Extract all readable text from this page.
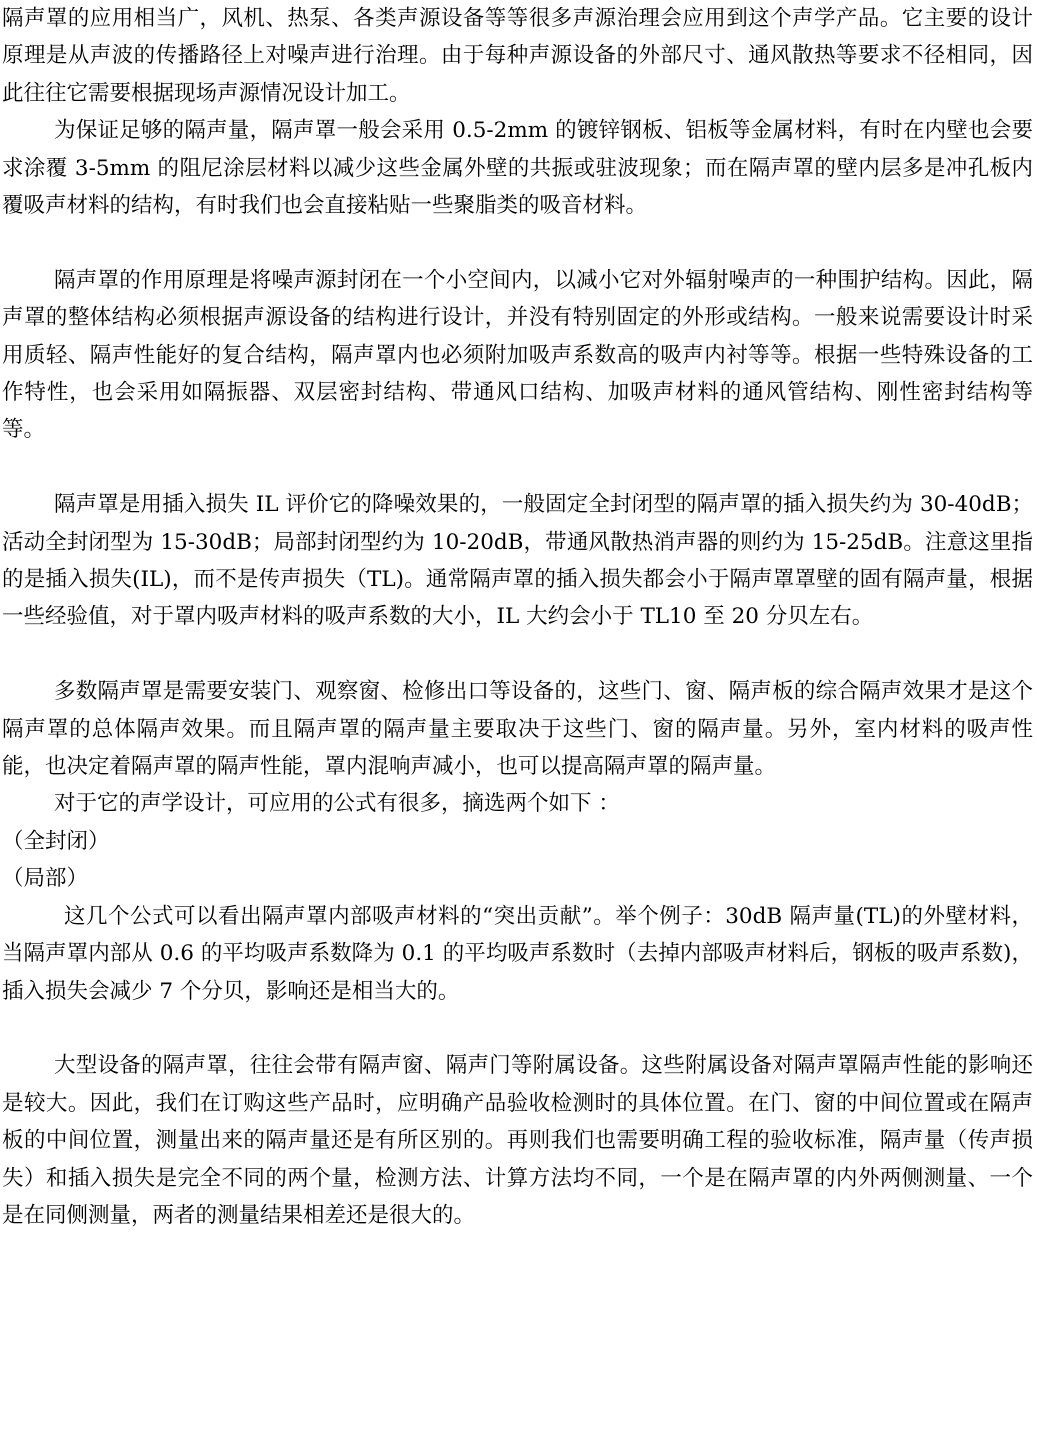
隔声罩的应用相当广，风机、热泵、各类声源设备等等很多声源治理会应用到这个声学产品。它主要的设计原理是从声波的传播路径上对噪声进行治理。由于每种声源设备的外部尺寸、通风散热等要求不径相同，因此往往它需要根据现场声源情况设计加工。

为保证足够的隔声量，隔声罩一般会采用 0.5-2mm 的镀锌钢板、铝板等金属材料，有时在内壁也会要求涂覆 3-5mm 的阻尼涂层材料以减少这些金属外壁的共振或驻波现象；而在隔声罩的壁内层多是冲孔板内覆吸声材料的结构，有时我们也会直接粘贴一些聚脂类的吸音材料。

隔声罩的作用原理是将噪声源封闭在一个小空间内，以减小它对外辐射噪声的一种围护结构。因此，隔声罩的整体结构必须根据声源设备的结构进行设计，并没有特别固定的外形或结构。一般来说需要设计时采用质轻、隔声性能好的复合结构，隔声罩内也必须附加吸声系数高的吸声内衬等等。根据一些特殊设备的工作特性，也会采用如隔振器、双层密封结构、带通风口结构、加吸声材料的通风管结构、刚性密封结构等等。

隔声罩是用插入损失 IL 评价它的降噪效果的，一般固定全封闭型的隔声罩的插入损失约为 30-40dB；活动全封闭型为 15-30dB；局部封闭型约为 10-20dB，带通风散热消声器的则约为 15-25dB。注意这里指的是插入损失(IL)，而不是传声损失（TL)。通常隔声罩的插入损失都会小于隔声罩罩壁的固有隔声量，根据一些经验值，对于罩内吸声材料的吸声系数的大小，IL 大约会小于 TL10 至 20 分贝左右。

多数隔声罩是需要安装门、观察窗、检修出口等设备的，这些门、窗、隔声板的综合隔声效果才是这个隔声罩的总体隔声效果。而且隔声罩的隔声量主要取决于这些门、窗的隔声量。另外，室内材料的吸声性能，也决定着隔声罩的隔声性能，罩内混响声减小，也可以提高隔声罩的隔声量。

对于它的声学设计，可应用的公式有很多，摘选两个如下 ：

（全封闭）

（局部）

这几个公式可以看出隔声罩内部吸声材料的“突出贡献”。举个例子：30dB 隔声量(TL)的外壁材料，当隔声罩内部从 0.6 的平均吸声系数降为 0.1 的平均吸声系数时（去掉内部吸声材料后，钢板的吸声系数)，插入损失会减少 7 个分贝，影响还是相当大的。

大型设备的隔声罩，往往会带有隔声窗、隔声门等附属设备。这些附属设备对隔声罩隔声性能的影响还是较大。因此，我们在订购这些产品时，应明确产品验收检测时的具体位置。在门、窗的中间位置或在隔声板的中间位置，测量出来的隔声量还是有所区别的。再则我们也需要明确工程的验收标准，隔声量（传声损失）和插入损失是完全不同的两个量，检测方法、计算方法均不同，一个是在隔声罩的内外两侧测量、一个是在同侧测量，两者的测量结果相差还是很大的。
